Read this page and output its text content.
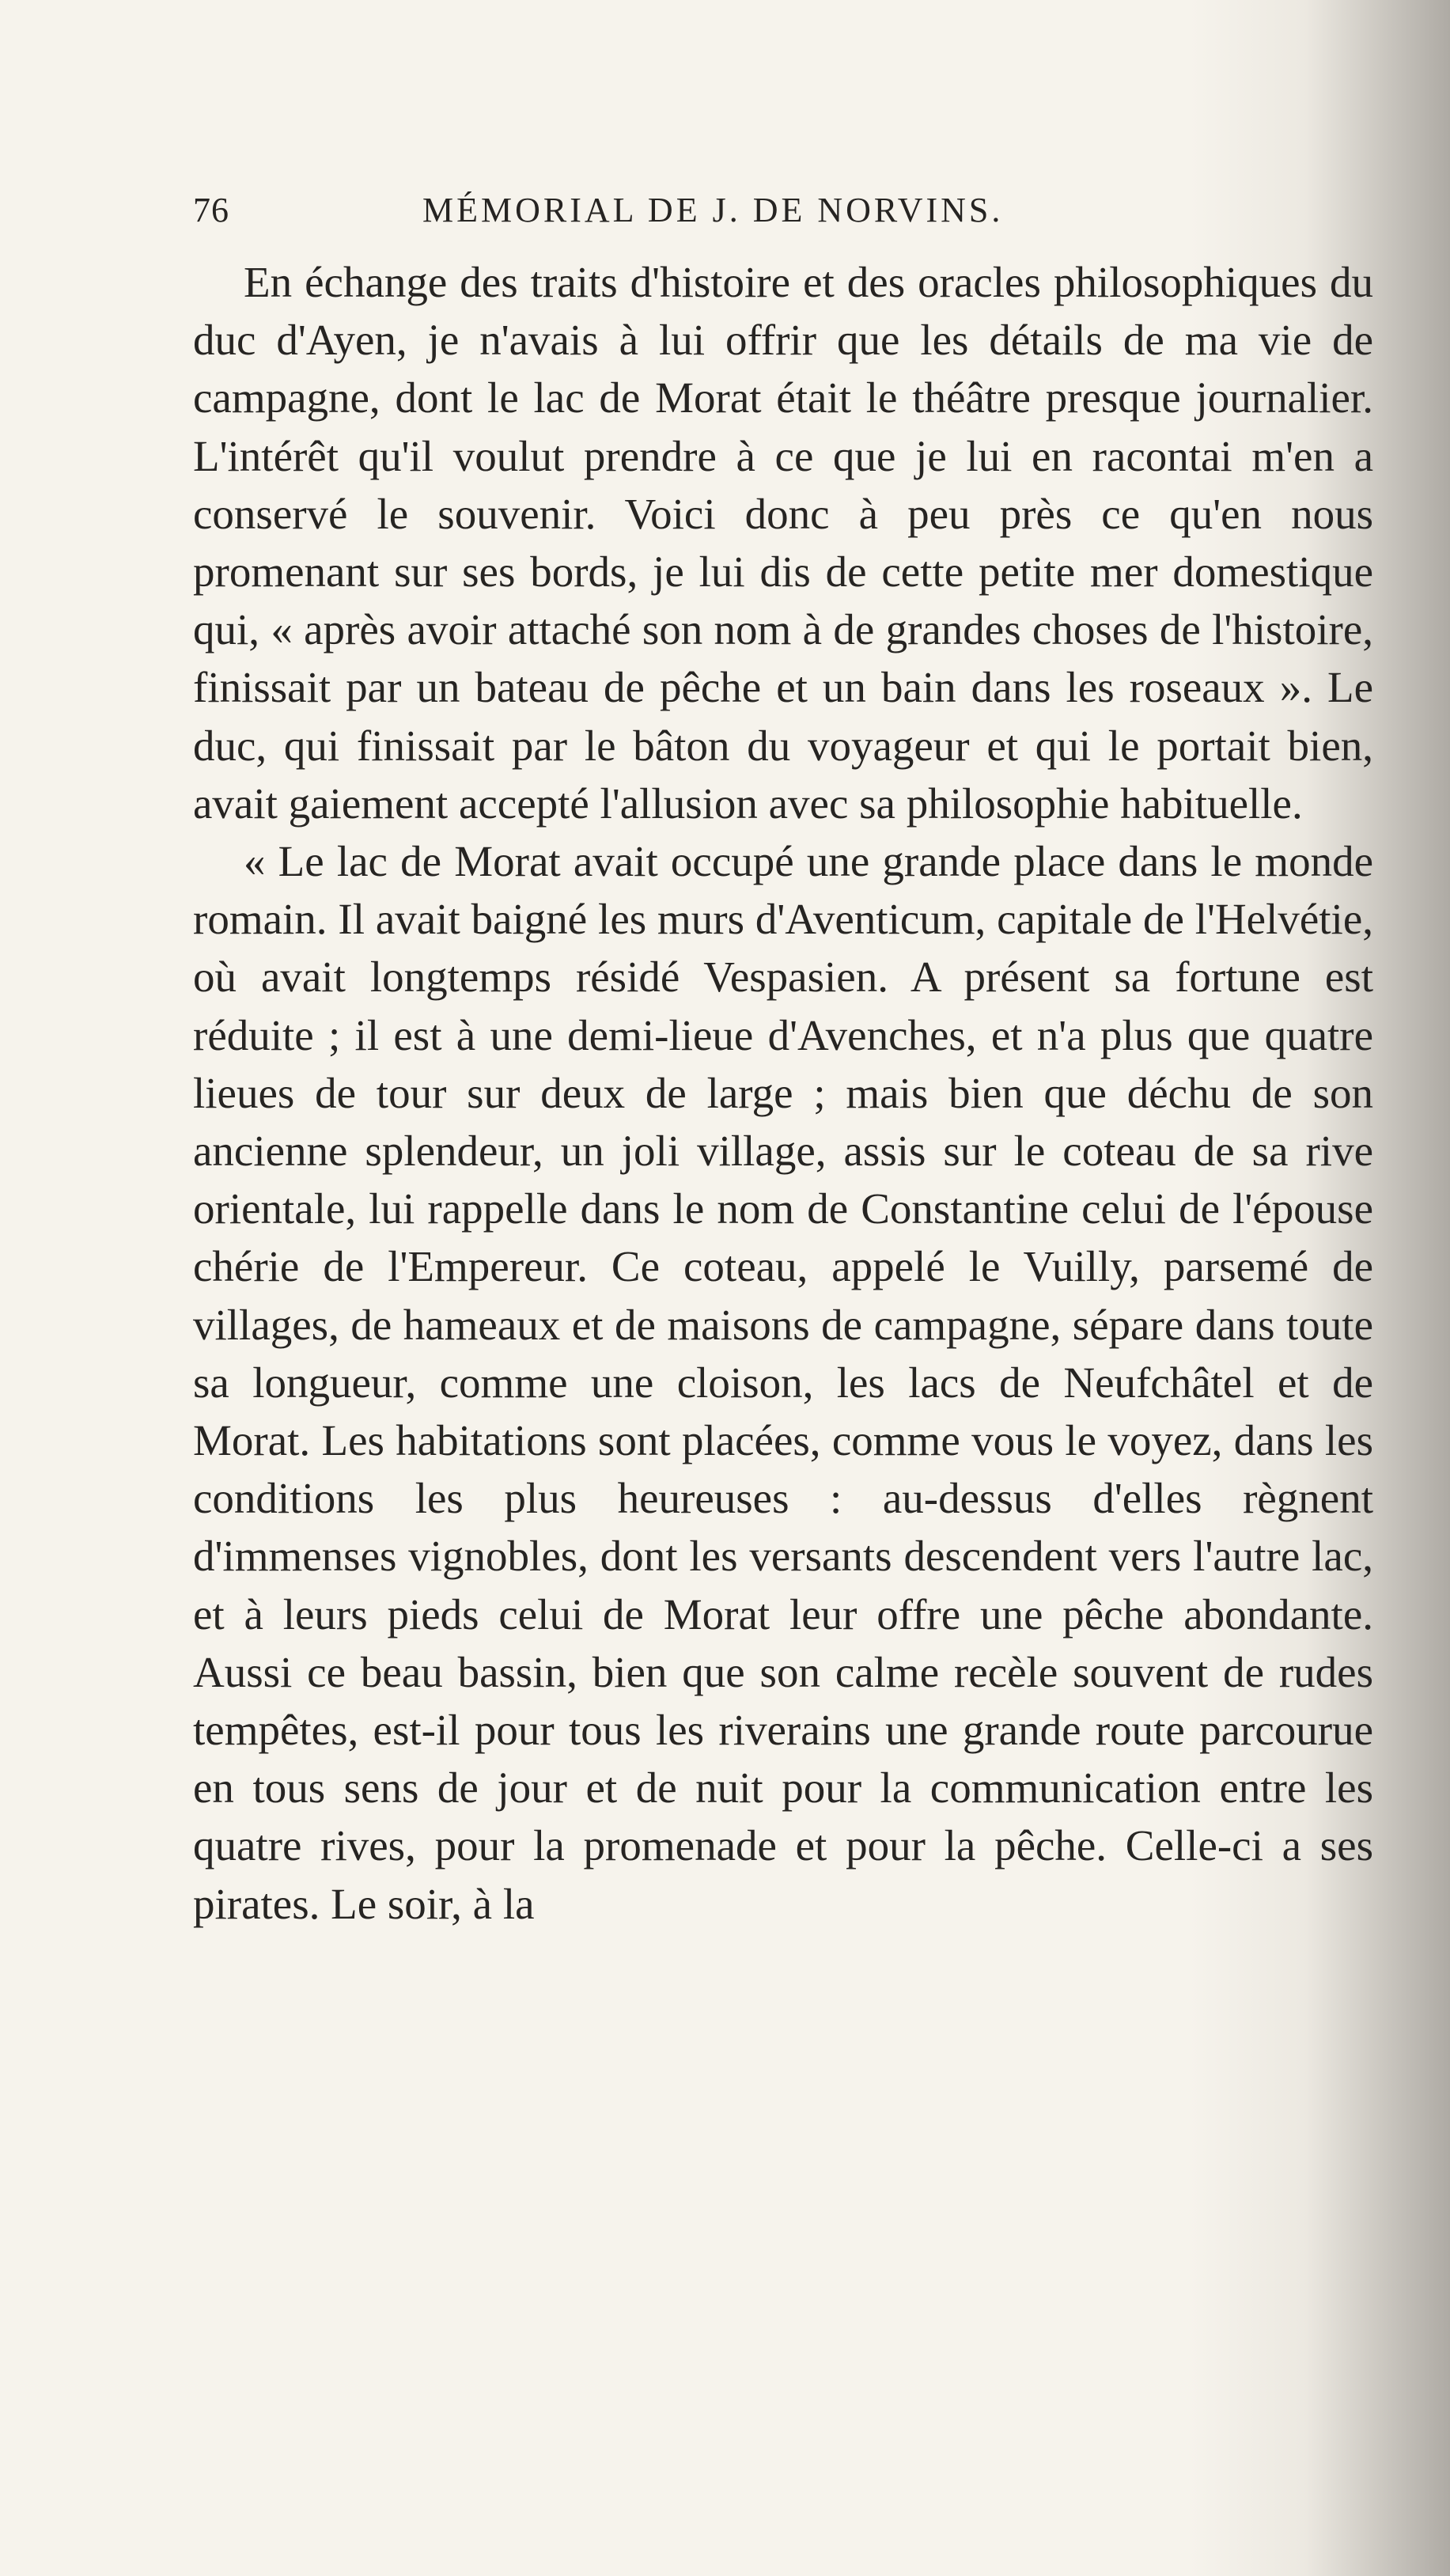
76	MÉMORIAL DE J. DE NORVINS.

En échange des traits d'histoire et des oracles philosophiques du duc d'Ayen, je n'avais à lui offrir que les détails de ma vie de campagne, dont le lac de Morat était le théâtre presque journalier. L'intérêt qu'il voulut prendre à ce que je lui en racontai m'en a conservé le souvenir. Voici donc à peu près ce qu'en nous promenant sur ses bords, je lui dis de cette petite mer domestique qui, « après avoir attaché son nom à de grandes choses de l'histoire, finissait par un bateau de pêche et un bain dans les roseaux ». Le duc, qui finissait par le bâton du voyageur et qui le portait bien, avait gaiement accepté l'allusion avec sa philosophie habituelle.

« Le lac de Morat avait occupé une grande place dans le monde romain. Il avait baigné les murs d'Aventicum, capitale de l'Helvétie, où avait longtemps résidé Vespasien. A présent sa fortune est réduite ; il est à une demi-lieue d'Avenches, et n'a plus que quatre lieues de tour sur deux de large ; mais bien que déchu de son ancienne splendeur, un joli village, assis sur le coteau de sa rive orientale, lui rappelle dans le nom de Constantine celui de l'épouse chérie de l'Empereur. Ce coteau, appelé le Vuilly, parsemé de villages, de hameaux et de maisons de campagne, sépare dans toute sa longueur, comme une cloison, les lacs de Neufchâtel et de Morat. Les habitations sont placées, comme vous le voyez, dans les conditions les plus heureuses : au-dessus d'elles règnent d'immenses vignobles, dont les versants descendent vers l'autre lac, et à leurs pieds celui de Morat leur offre une pêche abondante. Aussi ce beau bassin, bien que son calme recèle souvent de rudes tempêtes, est-il pour tous les riverains une grande route parcourue en tous sens de jour et de nuit pour la communication entre les quatre rives, pour la promenade et pour la pêche. Celle-ci a ses pirates. Le soir, à la
